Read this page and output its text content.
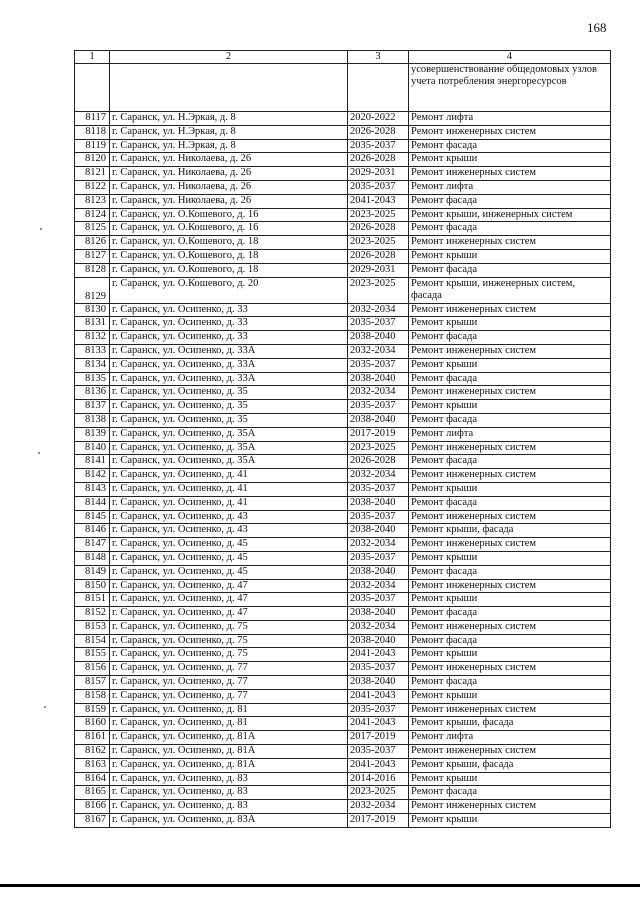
168
1	2	3	4
			усовершенствование общедомовых узлов учета потребления энергоресурсов
8117	г. Саранск, ул. Н.Эркая, д. 8	2020-2022	Ремонт лифта
8118	г. Саранск, ул. Н.Эркая, д. 8	2026-2028	Ремонт инженерных систем
8119	г. Саранск, ул. Н.Эркая, д. 8	2035-2037	Ремонт фасада
8120	г. Саранск, ул. Николаева, д. 26	2026-2028	Ремонт крыши
8121	г. Саранск, ул. Николаева, д. 26	2029-2031	Ремонт инженерных систем
8122	г. Саранск, ул. Николаева, д. 26	2035-2037	Ремонт лифта
8123	г. Саранск, ул. Николаева, д. 26	2041-2043	Ремонт фасада
8124	г. Саранск, ул. О.Кошевого, д. 16	2023-2025	Ремонт крыши, инженерных систем
8125	г. Саранск, ул. О.Кошевого, д. 16	2026-2028	Ремонт фасада
8126	г. Саранск, ул. О.Кошевого, д. 18	2023-2025	Ремонт инженерных систем
8127	г. Саранск, ул. О.Кошевого, д. 18	2026-2028	Ремонт крыши
8128	г. Саранск, ул. О.Кошевого, д. 18	2029-2031	Ремонт фасада
8129	г. Саранск, ул. О.Кошевого, д. 20	2023-2025	Ремонт крыши, инженерных систем, фасада
8130	г. Саранск, ул. Осипенко, д. 33	2032-2034	Ремонт инженерных систем
8131	г. Саранск, ул. Осипенко, д. 33	2035-2037	Ремонт крыши
8132	г. Саранск, ул. Осипенко, д. 33	2038-2040	Ремонт фасада
8133	г. Саранск, ул. Осипенко, д. 33А	2032-2034	Ремонт инженерных систем
8134	г. Саранск, ул. Осипенко, д. 33А	2035-2037	Ремонт крыши
8135	г. Саранск, ул. Осипенко, д. 33А	2038-2040	Ремонт фасада
8136	г. Саранск, ул. Осипенко, д. 35	2032-2034	Ремонт инженерных систем
8137	г. Саранск, ул. Осипенко, д. 35	2035-2037	Ремонт крыши
8138	г. Саранск, ул. Осипенко, д. 35	2038-2040	Ремонт фасада
8139	г. Саранск, ул. Осипенко, д. 35А	2017-2019	Ремонт лифта
8140	г. Саранск, ул. Осипенко, д. 35А	2023-2025	Ремонт инженерных систем
8141	г. Саранск, ул. Осипенко, д. 35А	2026-2028	Ремонт фасада
8142	г. Саранск, ул. Осипенко, д. 41	2032-2034	Ремонт инженерных систем
8143	г. Саранск, ул. Осипенко, д. 41	2035-2037	Ремонт крыши
8144	г. Саранск, ул. Осипенко, д. 41	2038-2040	Ремонт фасада
8145	г. Саранск, ул. Осипенко, д. 43	2035-2037	Ремонт инженерных систем
8146	г. Саранск, ул. Осипенко, д. 43	2038-2040	Ремонт крыши, фасада
8147	г. Саранск, ул. Осипенко, д. 45	2032-2034	Ремонт инженерных систем
8148	г. Саранск, ул. Осипенко, д. 45	2035-2037	Ремонт крыши
8149	г. Саранск, ул. Осипенко, д. 45	2038-2040	Ремонт фасада
8150	г. Саранск, ул. Осипенко, д. 47	2032-2034	Ремонт инженерных систем
8151	г. Саранск, ул. Осипенко, д. 47	2035-2037	Ремонт крыши
8152	г. Саранск, ул. Осипенко, д. 47	2038-2040	Ремонт фасада
8153	г. Саранск, ул. Осипенко, д. 75	2032-2034	Ремонт инженерных систем
8154	г. Саранск, ул. Осипенко, д. 75	2038-2040	Ремонт фасада
8155	г. Саранск, ул. Осипенко, д. 75	2041-2043	Ремонт крыши
8156	г. Саранск, ул. Осипенко, д. 77	2035-2037	Ремонт инженерных систем
8157	г. Саранск, ул. Осипенко, д. 77	2038-2040	Ремонт фасада
8158	г. Саранск, ул. Осипенко, д. 77	2041-2043	Ремонт крыши
8159	г. Саранск, ул. Осипенко, д. 81	2035-2037	Ремонт инженерных систем
8160	г. Саранск, ул. Осипенко, д. 81	2041-2043	Ремонт крыши, фасада
8161	г. Саранск, ул. Осипенко, д. 81А	2017-2019	Ремонт лифта
8162	г. Саранск, ул. Осипенко, д. 81А	2035-2037	Ремонт инженерных систем
8163	г. Саранск, ул. Осипенко, д. 81А	2041-2043	Ремонт крыши, фасада
8164	г. Саранск, ул. Осипенко, д. 83	2014-2016	Ремонт крыши
8165	г. Саранск, ул. Осипенко, д. 83	2023-2025	Ремонт фасада
8166	г. Саранск, ул. Осипенко, д. 83	2032-2034	Ремонт инженерных систем
8167	г. Саранск, ул. Осипенко, д. 83А	2017-2019	Ремонт крыши
